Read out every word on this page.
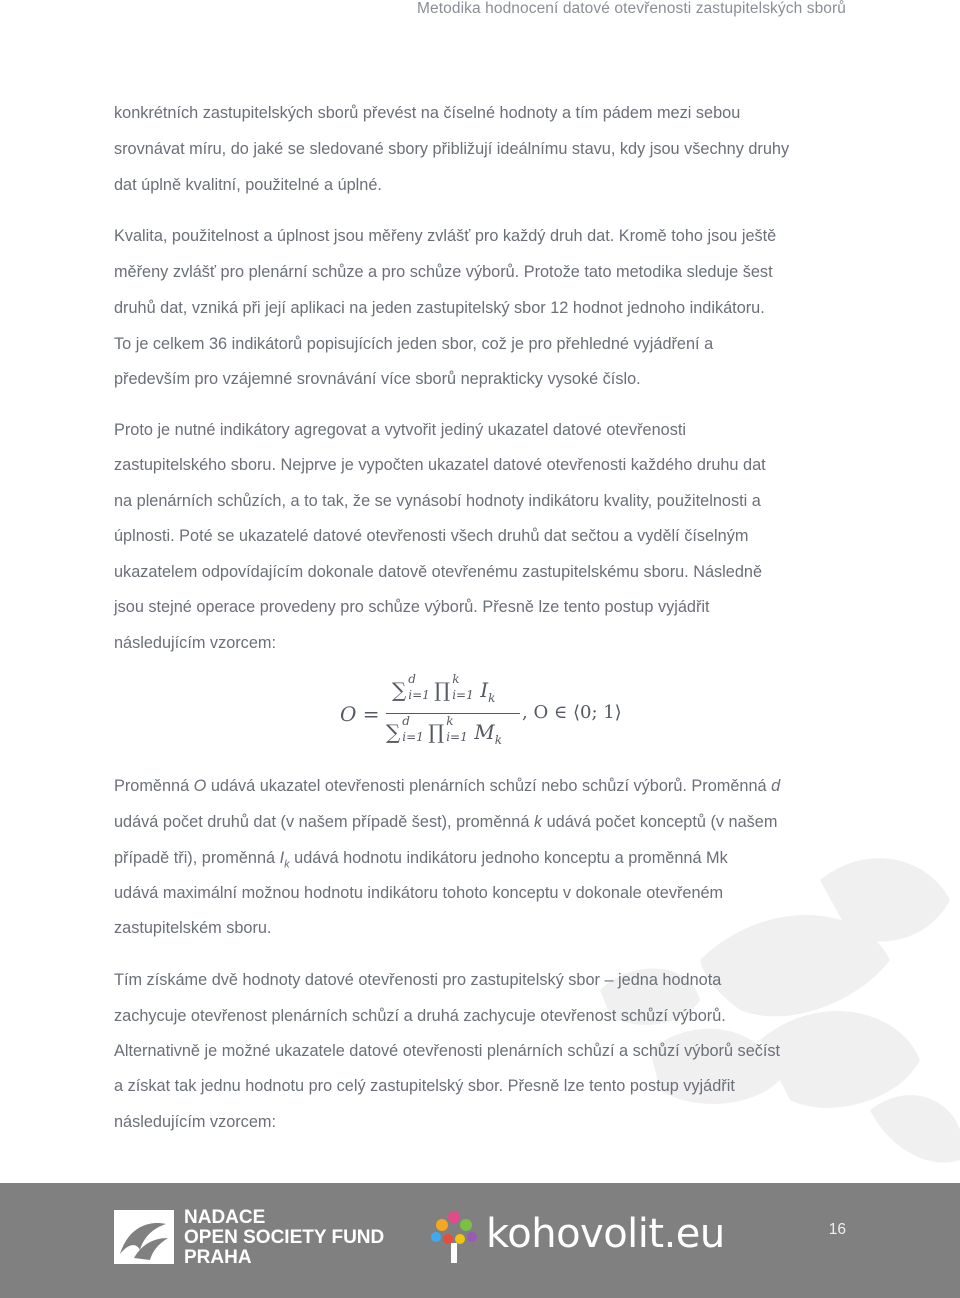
Metodika hodnocení datové otevřenosti zastupitelských sborů
konkrétních zastupitelských sborů převést na číselné hodnoty a tím pádem mezi sebou
srovnávat míru, do jaké se sledované sbory přibližují ideálnímu stavu, kdy jsou všechny druhy
dat úplně kvalitní, použitelné a úplné.
Kvalita, použitelnost a úplnost jsou měřeny zvlášť pro každý druh dat. Kromě toho jsou ještě
měřeny zvlášť pro plenární schůze a pro schůze výborů. Protože tato metodika sleduje šest
druhů dat, vzniká při její aplikaci na jeden zastupitelský sbor 12 hodnot jednoho indikátoru.
To je celkem 36 indikátorů popisujících jeden sbor, což je pro přehledné vyjádření a
především pro vzájemné srovnávání více sborů neprakticky vysoké číslo.
Proto je nutné indikátory agregovat a vytvořit jediný ukazatel datové otevřenosti
zastupitelského sboru. Nejprve je vypočten ukazatel datové otevřenosti každého druhu dat
na plenárních schůzích, a to tak, že se vynásobí hodnoty indikátoru kvality, použitelnosti a
úplnosti. Poté se ukazatelé datové otevřenosti všech druhů dat sečtou a vydělí číselným
ukazatelem odpovídajícím dokonale datově otevřenému zastupitelskému sboru. Následně
jsou stejné operace provedeny pro schůze výborů. Přesně lze tento postup vyjádřit
následujícím vzorcem:
O =
∑ d
i=1 ∏ k
i=1 $I_k$
∑ d
i=1 ∏ k
i=1 $M_k$
, O ∈ ⟨0; 1⟩
Proměnná O udává ukazatel otevřenosti plenárních schůzí nebo schůzí výborů. Proměnná d
udává počet druhů dat (v našem případě šest), proměnná k udává počet konceptů (v našem
případě tři), proměnná $I_k$ udává hodnotu indikátoru jednoho konceptu a proměnná Mk
udává maximální možnou hodnotu indikátoru tohoto konceptu v dokonale otevřeném
zastupitelském sboru.
Tím získáme dvě hodnoty datové otevřenosti pro zastupitelský sbor – jedna hodnota
zachycuje otevřenost plenárních schůzí a druhá zachycuje otevřenost schůzí výborů.
Alternativně je možné ukazatele datové otevřenosti plenárních schůzí a schůzí výborů sečíst
a získat tak jednu hodnotu pro celý zastupitelský sbor. Přesně lze tento postup vyjádřit
následujícím vzorcem:
NADACE
OPEN SOCIETY FUND
PRAHA
kohovolit.eu	16
